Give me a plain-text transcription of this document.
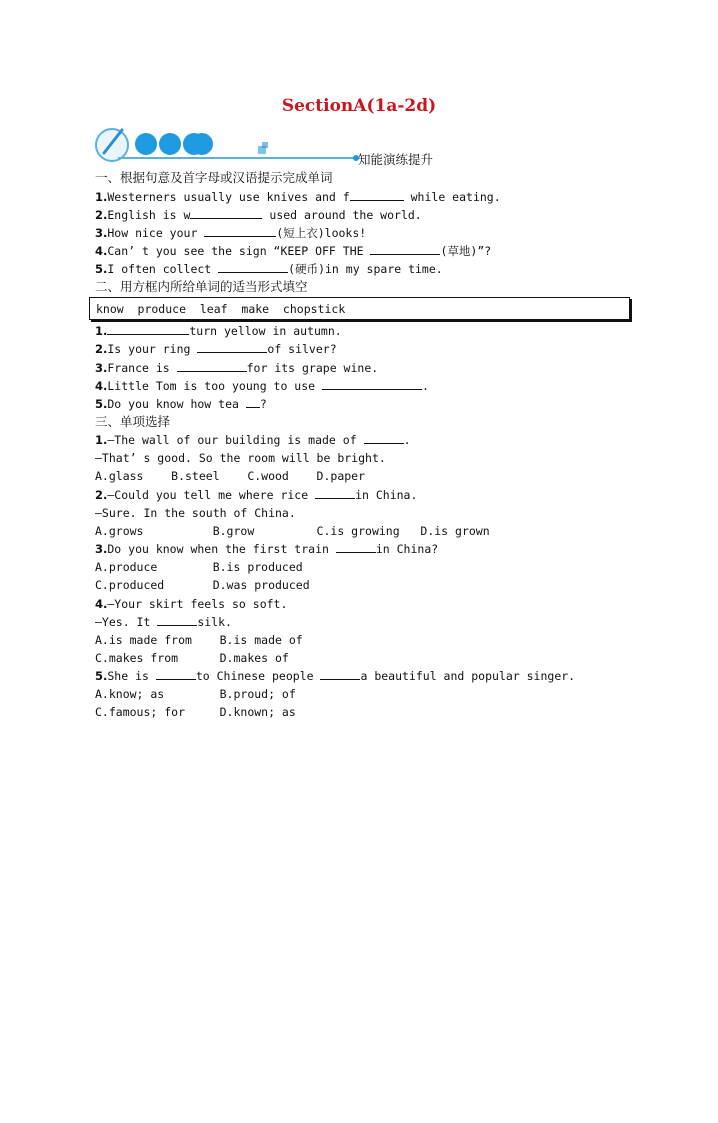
SectionA(1a-2d)
知能演练提升
一、根据句意及首字母或汉语提示完成单词
1.Westerners usually use knives and f	while eating.
2.English is w	used around the world.
3.How nice your	(短上衣)looks!
4.Can’ t you see the sign “KEEP OFF THE	(草地)”?
5.I often collect	(硬币)in my spare time.
二、用方框内所给单词的适当形式填空
know  produce  leaf  make  chopstick
1.	turn yellow in autumn.
2.Is your ring	of silver?
3.France is	for its grape wine.
4.Little Tom is too young to use	.
5.Do you know how tea ?
三、单项选择
1.—The wall of our building is made of	.
—That’ s good. So the room will be bright.
A.glass    B.steel    C.wood    D.paper
2.—Could you tell me where rice	in China.
—Sure. In the south of China.
A.grows          B.grow         C.is growing   D.is grown
3.Do you know when the first train	in China?
A.produce        B.is produced
C.produced       D.was produced
4.—Your skirt feels so soft.
—Yes. It	silk.
A.is made from    B.is made of
C.makes from      D.makes of
5.She is	to Chinese people	a beautiful and popular singer.
A.know; as        B.proud; of
C.famous; for     D.known; as
